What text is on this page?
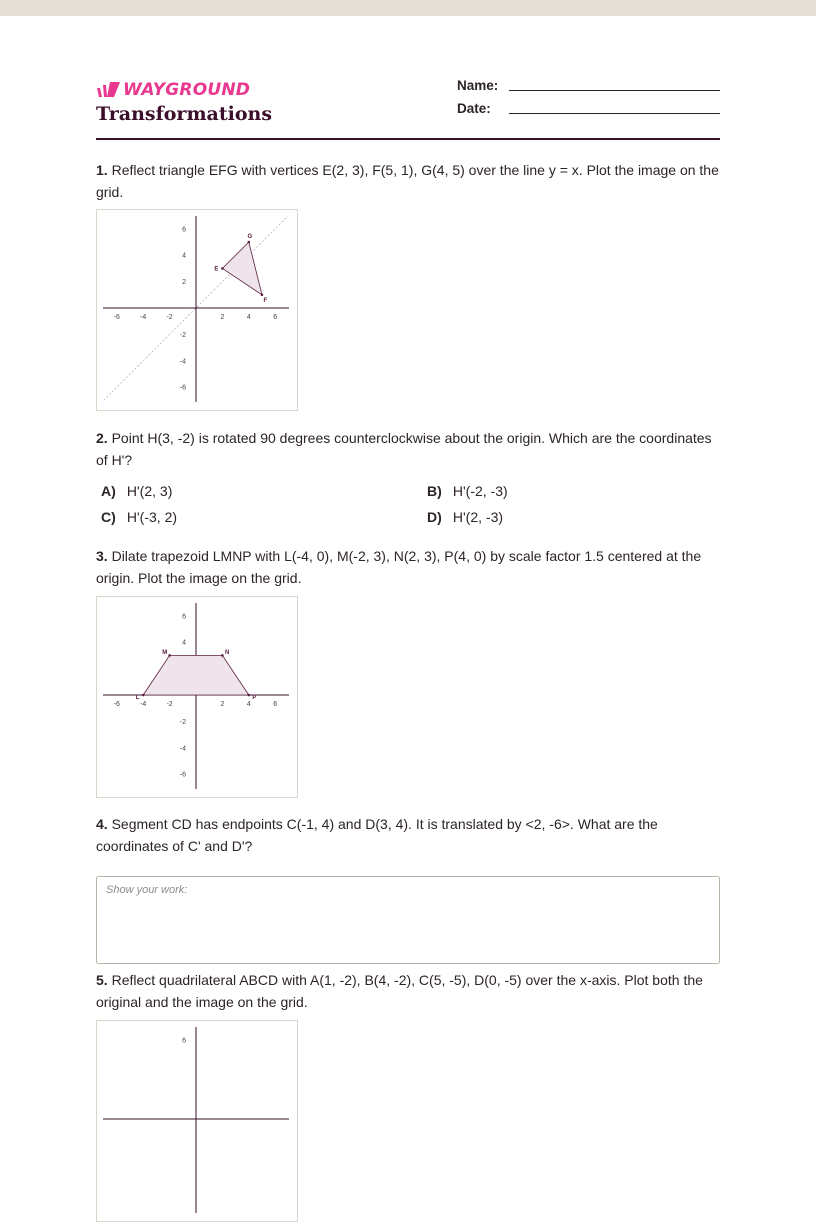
WAYGROUND
Transformations
Name:
Date:
1. Reflect triangle EFG with vertices E(2, 3), F(5, 1), G(4, 5) over the line y = x. Plot the image on the grid.
-6	-4	-2	2	4	6
6
4
2
-2
-4
-6
E
F
G
2. Point H(3, -2) is rotated 90 degrees counterclockwise about the origin. Which are the coordinates of H'?
A) H'(2, 3)	B) H'(-2, -3)
C) H'(-3, 2)	D) H'(2, -3)
3. Dilate trapezoid LMNP with L(-4, 0), M(-2, 3), N(2, 3), P(4, 0) by scale factor 1.5 centered at the origin. Plot the image on the grid.
-6	-4	-2	2	4	6
6
4
-2
-4
-6
L
M	N
P
4. Segment CD has endpoints C(-1, 4) and D(3, 4). It is translated by <2, -6>. What are the coordinates of C' and D'?
Show your work:
5. Reflect quadrilateral ABCD with A(1, -2), B(4, -2), C(5, -5), D(0, -5) over the x-axis. Plot both the original and the image on the grid.
6
